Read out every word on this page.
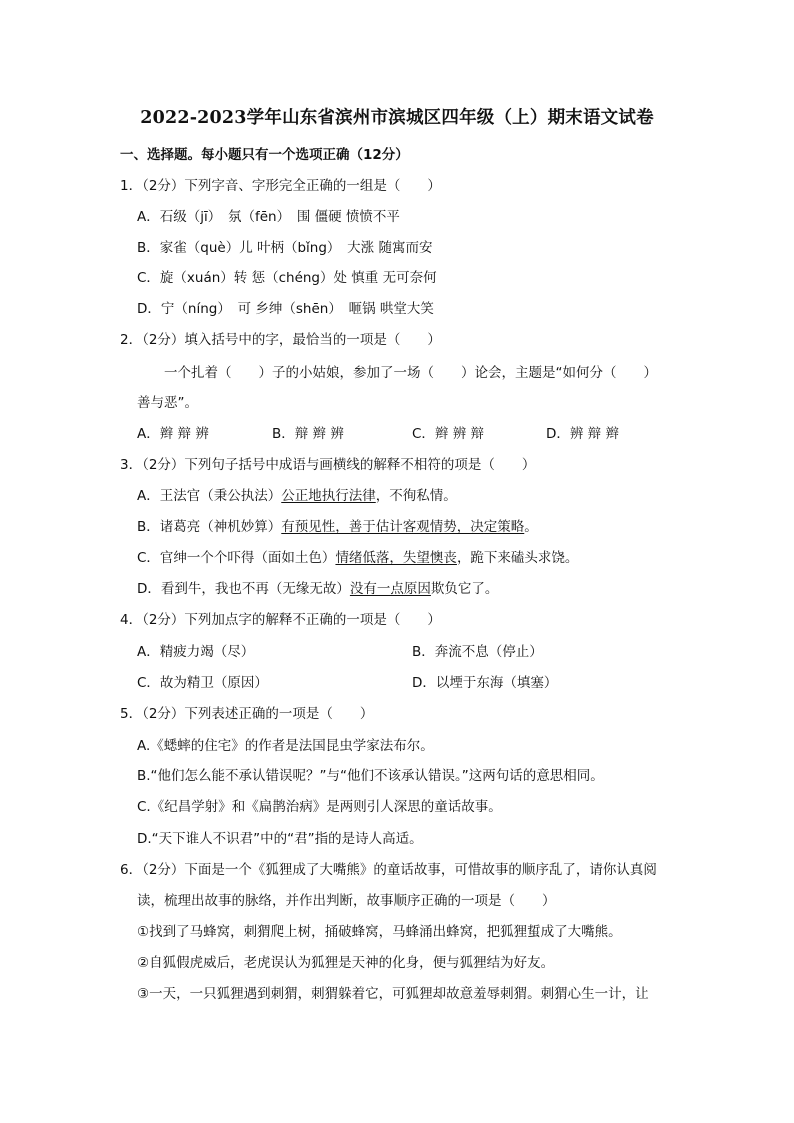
2022-2023学年山东省滨州市滨城区四年级（上）期末语文试卷
一、选择题。每小题只有一个选项正确（12分）
1．（2分）下列字音、字形完全正确的一组是（　　）
A．石级（jī）　氛（fēn）　围 僵硬 愤愤不平
B．家雀（què）儿 叶柄（bǐng）　大涨 随寓而安
C．旋（xuán）转 惩（chéng）处 慎重 无可奈何
D．宁（níng）　可 乡绅（shēn）　咂锅 哄堂大笑
2．（2分）填入括号中的字，最恰当的一项是（　　）
一个扎着（　　）子的小姑娘，参加了一场（　　）论会，主题是“如何分（　　）
善与恶”。
A．辫 辩 辨	B．辩 辫 辨	C．辫 辨 辩	D．辨 辩 辫
3．（2分）下列句子括号中成语与画横线的解释不相符的项是（　　）
A．王法官（秉公执法）公正地执行法律，不徇私情。
B．诸葛亮（神机妙算）有预见性，善于估计客观情势，决定策略。
C．官绅一个个吓得（面如土色）情绪低落，失望懊丧，跪下来磕头求饶。
D．看到牛，我也不再（无缘无故）没有一点原因欺负它了。
4．（2分）下列加点字的解释不正确的一项是（　　）
A．精疲力竭（尽）	B．奔流不息（停止）
C．故为精卫（原因）	D．以堙于东海（填塞）
5．（2分）下列表述正确的一项是（　　）
A.《蟋蟀的住宅》的作者是法国昆虫学家法布尔。
B.“他们怎么能不承认错误呢？”与“他们不该承认错误。”这两句话的意思相同。
C.《纪昌学射》和《扁鹊治病》是两则引人深思的童话故事。
D.“天下谁人不识君”中的“君”指的是诗人高适。
6．（2分）下面是一个《狐狸成了大嘴熊》的童话故事，可惜故事的顺序乱了，请你认真阅
读，梳理出故事的脉络，并作出判断，故事顺序正确的一项是（　　）
①找到了马蜂窝，刺猬爬上树，捅破蜂窝，马蜂涌出蜂窝，把狐狸蜇成了大嘴熊。
②自狐假虎威后，老虎误认为狐狸是天神的化身，便与狐狸结为好友。
③一天，一只狐狸遇到刺猬，刺猬躲着它，可狐狸却故意羞辱刺猬。刺猬心生一计，让
